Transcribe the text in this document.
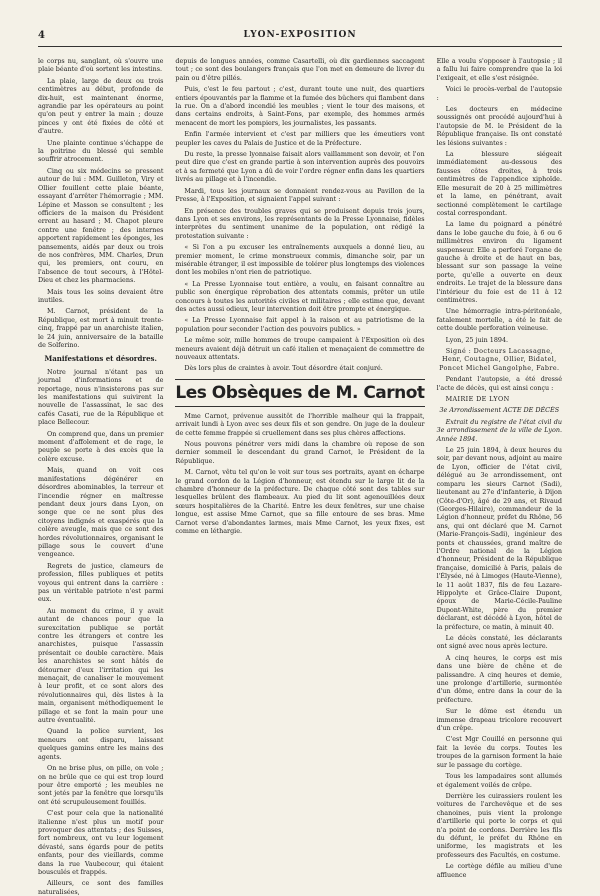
4	LYON-EXPOSITION

le corps nu, sanglant, où s'ouvre une plaie béante d'où sortent les intestins.

La plaie, large de deux ou trois centimètres au début, profonde de dix-huit, est maintenant énorme, agrandie par les opérateurs au point qu'on peut y entrer la main ; douze pinces y ont été fixées de côté et d'autre.

Une plainte continue s'échappe de la poitrine du blessé qui semble souffrir atrocement.

Cinq ou six médecins se pressent autour de lui : MM. Guilleton, Viry et Ollier fouillent cette plaie béante, essayant d'arrêter l'hémorragie ; MM. Lépine et Masson se consultent ; les officiers de la maison du Président errent au hasard ; M. Chapot pleure contre une fenêtre ; des internes apportent rapidement les éponges, les pansements, aidés par deux ou trois de nos confrères, MM. Charles, Drun qui, les premiers, ont couru, en l'absence de tout secours, à l'Hôtel-Dieu et chez les pharmaciens.

Mais tous les soins devaient être inutiles.

M. Carnot, président de la République, est mort à minuit trente-cinq, frappé par un anarchiste italien, le 24 juin, anniversaire de la bataille de Solferino.

Manifestations et désordres.

Notre journal n'étant pas un journal d'informations et de reportage, nous n'insisterons pas sur les manifestations qui suivirent la nouvelle de l'assassinat, le sac des cafés Casati, rue de la République et place Bellecour.

On comprend que, dans un premier moment d'affolement et de rage, le peuple se porte à des excès que la colère excuse.

Mais, quand on voit ces manifestations dégénérer en désordres abominables, la terreur et l'incendie régner en maîtresse pendant deux jours dans Lyon, on songe que ce ne sont plus des citoyens indignés et exaspérés que la colère aveugle, mais que ce sont des hordes révolutionnaires, organisant le pillage sous le couvert d'une vengeance.

Regrets de justice, clameurs de profession, filles publiques et petits voyous qui entrent dans la carrière : pas un véritable patriote n'est parmi eux.

Au moment du crime, il y avait autant de chances pour que la surexcitation publique se portât contre les étrangers et contre les anarchistes, puisque l'assassin présentait ce double caractère. Mais les anarchistes se sont hâtés de détourner d'eux l'irritation qui les menaçait, de canaliser le mouvement à leur profit, et ce sont alors des révolutionnaires qui, dès listes à la main, organisent méthodiquement le pillage et se font la main pour une autre éventualité.

Quand la police survient, les meneurs ont disparu, laissant quelques gamins entre les mains des agents.

On ne brise plus, on pille, on vole ; on ne brûle que ce qui est trop lourd pour être emporté ; les meubles ne sont jetés par la fenêtre que lorsqu'ils ont été scrupuleusement fouillés.

C'est pour cela que la nationalité italienne n'est plus un motif pour provoquer des attentats ; des Suisses, fort nombreux, ont vu leur logement dévasté, sans égards pour de petits enfants, pour des vieillards, comme dans la rue Vaubecour, qui étaient bousculés et frappés.

Ailleurs, ce sont des familles naturalisées,

depuis de longues années, comme Casartelli, où dix gardiennes saccagent tout ; ce sont des boulangers français que l'on met en demeure de livrer du pain ou d'être pillés.

Puis, c'est le feu partout ; c'est, durant toute une nuit, des quartiers entiers épouvantés par la flamme et la fumée des bûchers qui flambent dans la rue. On a d'abord incendié les meubles ; vient le tour des maisons, et dans certains endroits, à Saint-Fons, par exemple, des hommes armés menacent de mort les pompiers, les journalistes, les passants.

Enfin l'armée intervient et c'est par milliers que les émeutiers vont peupler les caves du Palais de Justice et de la Préfecture.

Du reste, la presse lyonnaise faisait alors vaillamment son devoir, et l'on peut dire que c'est en grande partie à son intervention auprès des pouvoirs et à sa fermeté que Lyon a dû de voir l'ordre régner enfin dans les quartiers livrés au pillage et à l'incendie.

Mardi, tous les journaux se donnaient rendez-vous au Pavillon de la Presse, à l'Exposition, et signaient l'appel suivant :

En présence des troubles graves qui se produisent depuis trois jours, dans Lyon et ses environs, les représentants de la Presse Lyonnaise, fidèles interprètes du sentiment unanime de la population, ont rédigé la protestation suivante :

« Si l'on a pu excuser les entraînements auxquels a donné lieu, au premier moment, le crime monstrueux commis, dimanche soir, par un misérable étranger, il est impossible de tolérer plus longtemps des violences dont les mobiles n'ont rien de patriotique.

« La Presse Lyonnaise tout entière, a voulu, en faisant connaître au public son énergique réprobation des attentats commis, prêter un utile concours à toutes les autorités civiles et militaires ; elle estime que, devant des actes aussi odieux, leur intervention doit être prompte et énergique.

« La Presse Lyonnaise fait appel à la raison et au patriotisme de la population pour seconder l'action des pouvoirs publics. »

Le même soir, mille hommes de troupe campaient à l'Exposition où des meneurs avaient déjà détruit un café italien et menaçaient de commettre de nouveaux attentats.

Dès lors plus de craintes à avoir. Tout désordre était conjuré.

Les Obsèques de M. Carnot

Mme Carnot, prévenue aussitôt de l'horrible malheur qui la frappait, arrivait lundi à Lyon avec ses deux fils et son gendre. On juge de la douleur de cette femme frappée si cruellement dans ses plus chères affections.

Nous pouvons pénétrer vers midi dans la chambre où repose de son dernier sommeil le descendant du grand Carnot, le Président de la République.

M. Carnot, vêtu tel qu'on le voit sur tous ses portraits, ayant en écharpe le grand cordon de la Légion d'honneur, est étendu sur le large lit de la chambre d'honneur de la préfecture. De chaque côté sont des tables sur lesquelles brûlent des flambeaux. Au pied du lit sont agenouillées deux sœurs hospitalières de la Charité. Entre les deux fenêtres, sur une chaise longue, est assise Mme Carnot, que sa fille entoure de ses bras. Mme Carnot verse d'abondantes larmes, mais Mme Carnot, les yeux fixes, est comme en léthargie.

Elle a voulu s'opposer à l'autopsie ; il a fallu lui faire comprendre que la loi l'exigeait, et elle s'est résignée.

Voici le procès-verbal de l'autopsie :

Les docteurs en médecine soussignés ont procédé aujourd'hui à l'autopsie de M. le Président de la République française. Ils ont constaté les lésions suivantes :

La blessure siégeait immédiatement au-dessous des fausses côtes droites, à trois centimètres de l'appendice xiphoïde. Elle mesurait de 20 à 25 millimètres et la lame, en pénétrant, avait sectionné complètement le cartilage costal correspondant.

La lame du poignard a pénétré dans le lobe gauche du foie, à 6 ou 6 millimètres environ du ligament suspenseur. Elle a perforé l'organe de gauche à droite et de haut en bas, blessant sur son passage la veine porte, qu'elle a ouverte en deux endroits. Le trajet de la blessure dans l'intérieur du foie est de 11 à 12 centimètres.

Une hémorragie intra-péritonéale, fatalement mortelle, a été le fait de cette double perforation veineuse.

Lyon, 25 juin 1894.

Signé : Docteurs Lacassagne, Henr, Coutagne, Ollier, Bidatel, Poncet Michel Gangolphe, Fabre.

Pendant l'autopsie, a été dressé l'acte de décès, qui est ainsi conçu :

MAIRIE DE LYON

3e Arrondissement ACTE DE DÉCÈS

Extrait du registre de l'état civil du 3e arrondissement de la ville de Lyon. Année 1894.

Le 25 juin 1894, à deux heures du soir, par devant nous, adjoint au maire de Lyon, officier de l'état civil, délégué au 3e arrondissement, ont comparu les sieurs Carnot (Sadi), lieutenant au 27e d'infanterie, à Dijon (Côte-d'Or), âgé de 29 ans, et Rivaud (Georges-Hilaire), commandeur de la Légion d'honneur, préfet du Rhône, 56 ans, qui ont déclaré que M. Carnot (Marie-François-Sadi), ingénieur des ponts et chaussées, grand maître de l'Ordre national de la Légion d'honneur, Président de la République française, domicilié à Paris, palais de l'Élysée, né à Limoges (Haute-Vienne), le 11 août 1837, fils de feu Lazare-Hippolyte et Grâce-Claire Dupont, époux de Marie-Cécile-Pauline Dupont-White, père du premier déclarant, est décédé à Lyon, hôtel de la préfecture, ce matin, à minuit 40.

Le décès constaté, les déclarants ont signé avec nous après lecture.

A cinq heures, le corps est mis dans une bière de chêne et de palissandre. A cinq heures et demie, une prolonge d'artillerie, surmontée d'un dôme, entre dans la cour de la préfecture.

Sur le dôme est étendu un immense drapeau tricolore recouvert d'un crêpe.

C'est Mgr Couillé en personne qui fait la levée du corps. Toutes les troupes de la garnison forment la haie sur le passage du cortège.

Tous les lampadaires sont allumés et également voilés de crêpe.

Derrière les cuirassiers roulent les voitures de l'archevêque et de ses chanoines, puis vient la prolonge d'artillerie qui porte le corps et qui n'a point de cordons. Derrière les fils du défunt, le préfet du Rhône en uniforme, les magistrats et les professeurs des Facultés, en costume.

Le cortège défile au milieu d'une affluence
